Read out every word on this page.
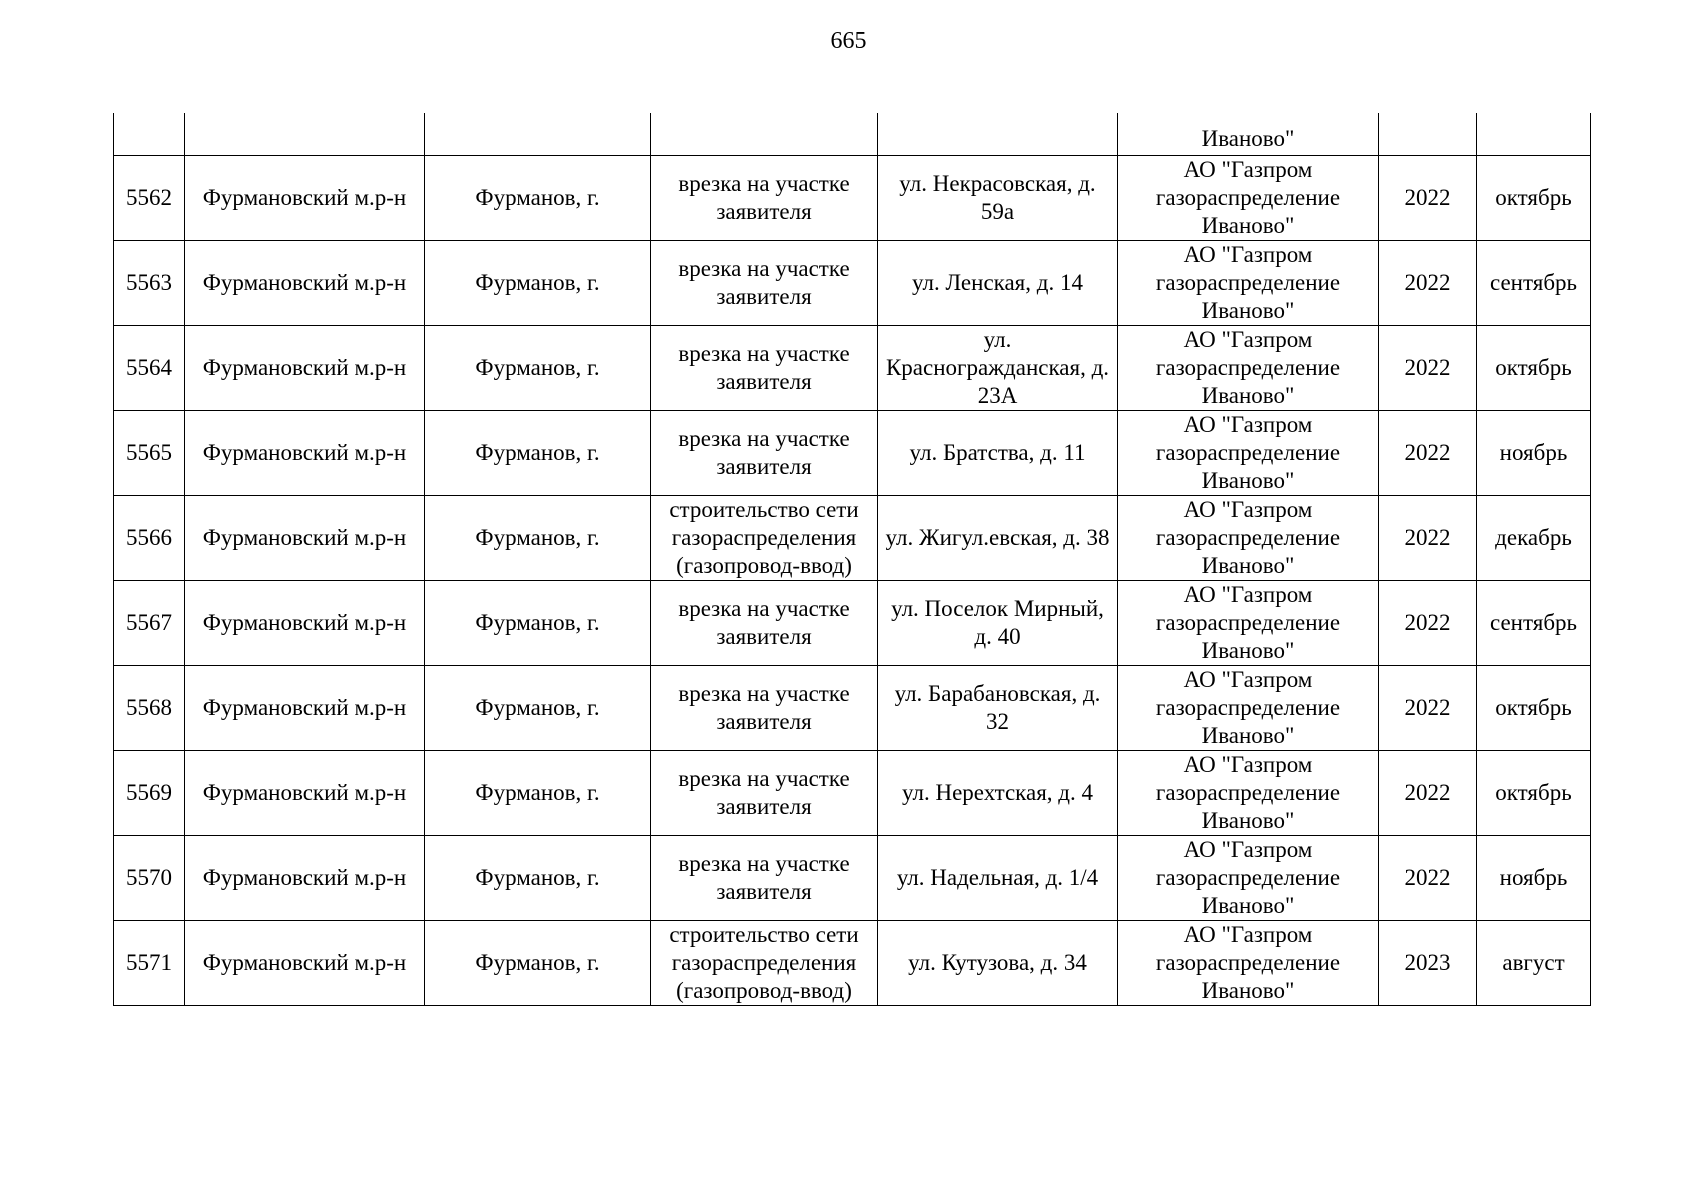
665
					Иваново"		
5562	Фурмановский м.р-н	Фурманов, г.	врезка на участке заявителя	ул. Некрасовская, д. 59а	АО "Газпром газораспределение Иваново"	2022	октябрь
5563	Фурмановский м.р-н	Фурманов, г.	врезка на участке заявителя	ул. Ленская, д. 14	АО "Газпром газораспределение Иваново"	2022	сентябрь
5564	Фурмановский м.р-н	Фурманов, г.	врезка на участке заявителя	ул. Красногражданская, д. 23А	АО "Газпром газораспределение Иваново"	2022	октябрь
5565	Фурмановский м.р-н	Фурманов, г.	врезка на участке заявителя	ул. Братства, д. 11	АО "Газпром газораспределение Иваново"	2022	ноябрь
5566	Фурмановский м.р-н	Фурманов, г.	строительство сети газораспределения (газопровод-ввод)	ул. Жигул.евская, д. 38	АО "Газпром газораспределение Иваново"	2022	декабрь
5567	Фурмановский м.р-н	Фурманов, г.	врезка на участке заявителя	ул. Поселок Мирный, д. 40	АО "Газпром газораспределение Иваново"	2022	сентябрь
5568	Фурмановский м.р-н	Фурманов, г.	врезка на участке заявителя	ул. Барабановская, д. 32	АО "Газпром газораспределение Иваново"	2022	октябрь
5569	Фурмановский м.р-н	Фурманов, г.	врезка на участке заявителя	ул. Нерехтская, д. 4	АО "Газпром газораспределение Иваново"	2022	октябрь
5570	Фурмановский м.р-н	Фурманов, г.	врезка на участке заявителя	ул. Надельная, д. 1/4	АО "Газпром газораспределение Иваново"	2022	ноябрь
5571	Фурмановский м.р-н	Фурманов, г.	строительство сети газораспределения (газопровод-ввод)	ул. Кутузова, д. 34	АО "Газпром газораспределение Иваново"	2023	август
